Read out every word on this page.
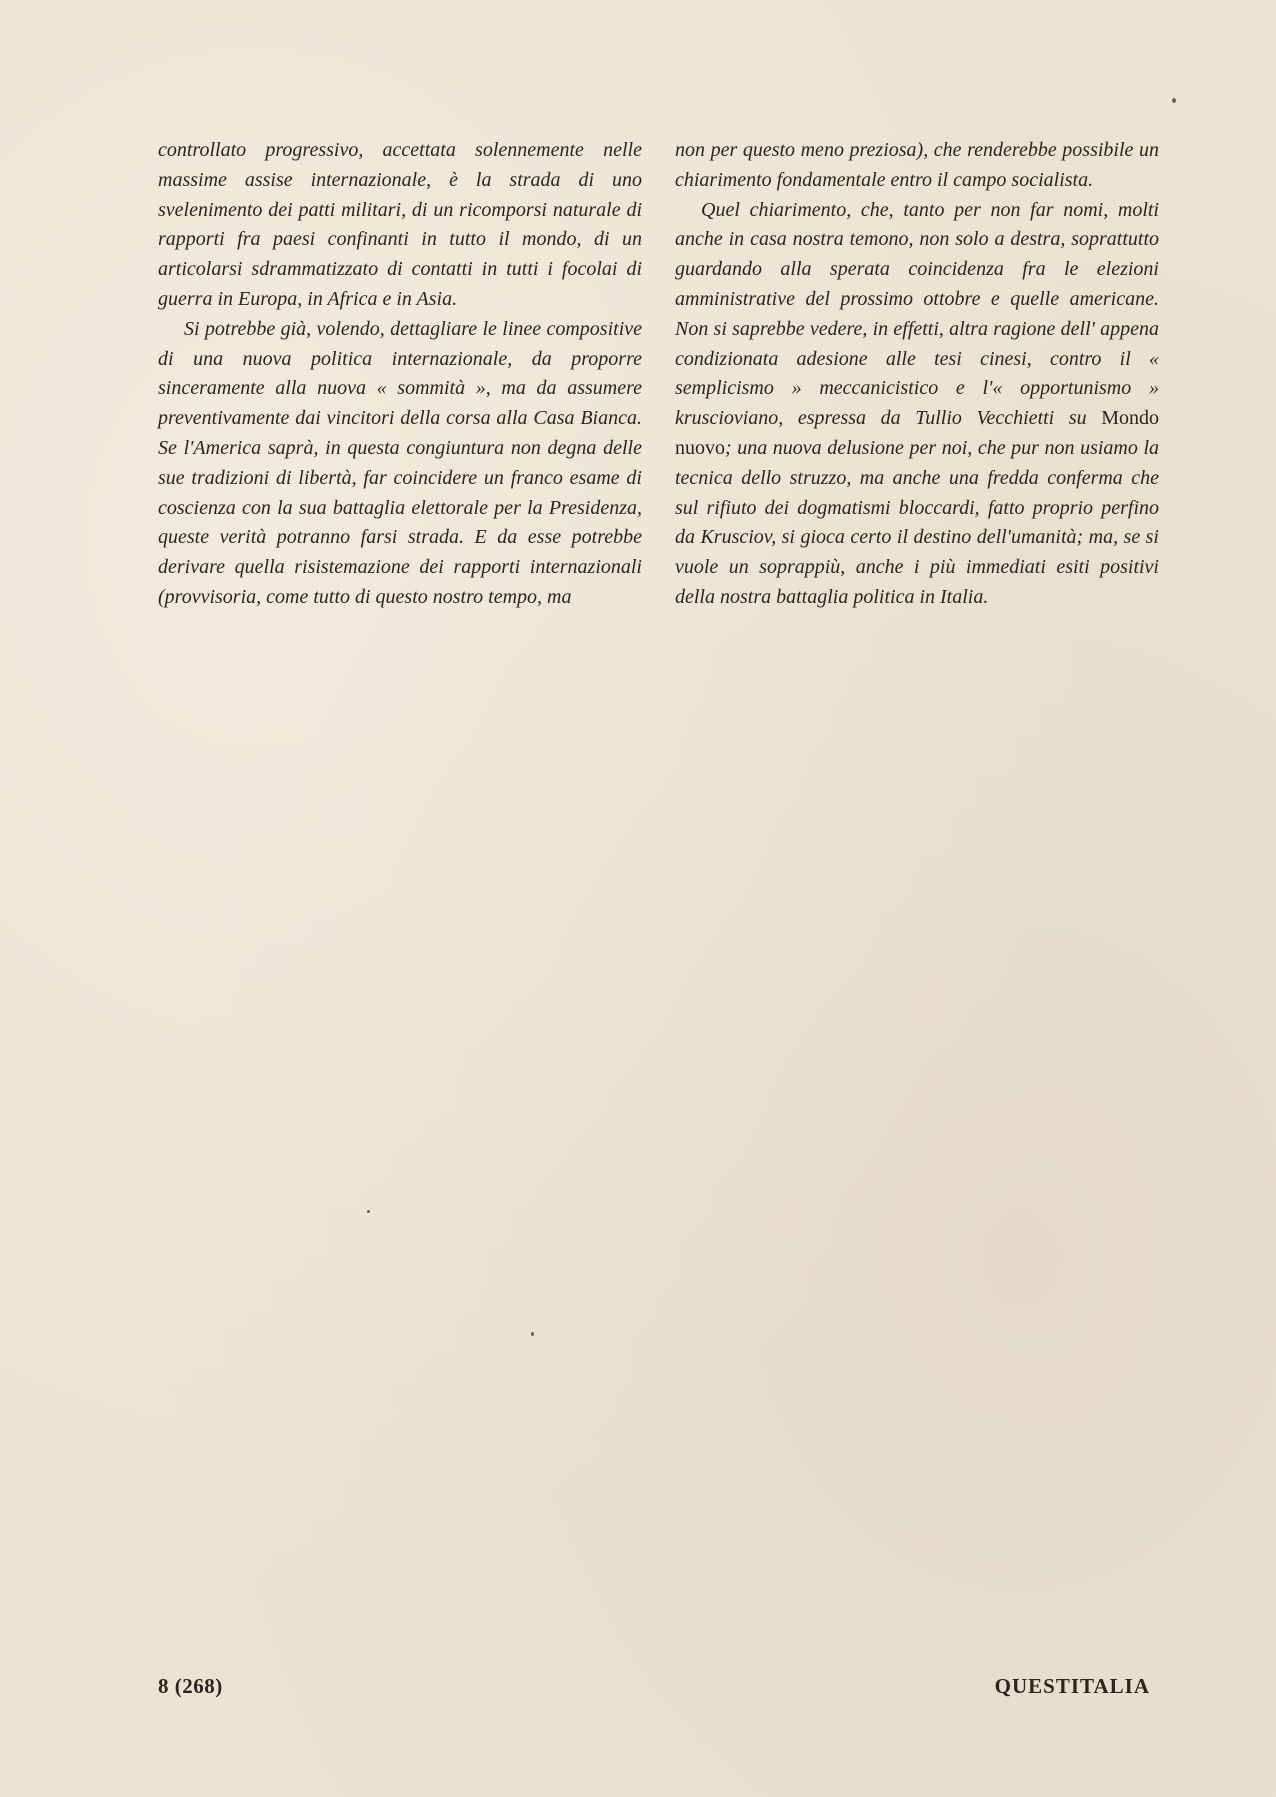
controllato progressivo, accettata solennemente nelle massime assise internazionale, è la strada di uno svelenimento dei patti militari, di un ricomporsi naturale di rapporti fra paesi confinanti in tutto il mondo, di un articolarsi sdrammatizzato di contatti in tutti i focolai di guerra in Europa, in Africa e in Asia.

Si potrebbe già, volendo, dettagliare le linee compositive di una nuova politica internazionale, da proporre sinceramente alla nuova « sommità », ma da assumere preventivamente dai vincitori della corsa alla Casa Bianca. Se l'America saprà, in questa congiuntura non degna delle sue tradizioni di libertà, far coincidere un franco esame di coscienza con la sua battaglia elettorale per la Presidenza, queste verità potranno farsi strada. E da esse potrebbe derivare quella risistemazione dei rapporti internazionali (provvisoria, come tutto di questo nostro tempo, ma

non per questo meno preziosa), che renderebbe possibile un chiarimento fondamentale entro il campo socialista.

Quel chiarimento, che, tanto per non far nomi, molti anche in casa nostra temono, non solo a destra, soprattutto guardando alla sperata coincidenza fra le elezioni amministrative del prossimo ottobre e quelle americane. Non si saprebbe vedere, in effetti, altra ragione dell' appena condizionata adesione alle tesi cinesi, contro il « semplicismo » meccanicistico e l'« opportunismo » kruscioviano, espressa da Tullio Vecchietti su Mondo nuovo; una nuova delusione per noi, che pur non usiamo la tecnica dello struzzo, ma anche una fredda conferma che sul rifiuto dei dogmatismi bloccardi, fatto proprio perfino da Krusciov, si gioca certo il destino dell'umanità; ma, se si vuole un soprappiù, anche i più immediati esiti positivi della nostra battaglia politica in Italia.

8 (268)	QUESTITALIA
